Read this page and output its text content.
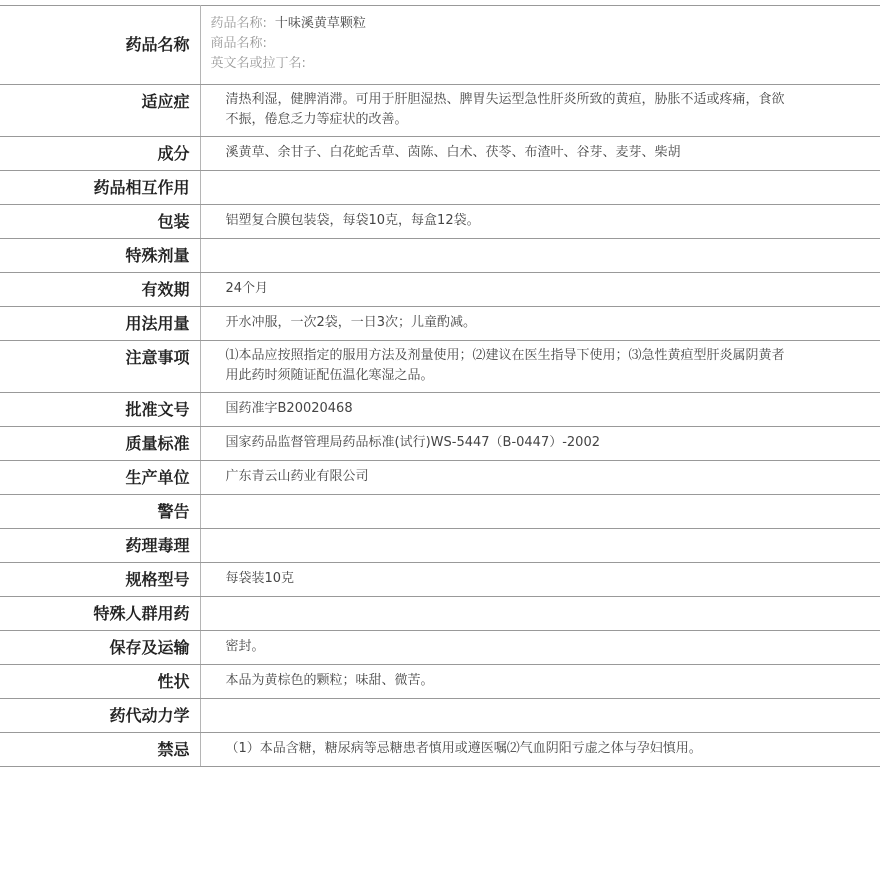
药品名称	药品名称: 十味溪黄草颗粒
商品名称:
英文名或拉丁名:

适应症	清热利湿，健脾消滞。可用于肝胆湿热、脾胃失运型急性肝炎所致的黄疸，胁胀不适或疼痛，食欲不振，倦怠乏力等症状的改善。
成分	溪黄草、余甘子、白花蛇舌草、茵陈、白术、茯苓、布渣叶、谷芽、麦芽、柴胡
药品相互作用	
包装	铝塑复合膜包装袋，每袋10克，每盒12袋。
特殊剂量	
有效期	24个月
用法用量	开水冲服，一次2袋，一日3次；儿童酌减。
注意事项	⑴本品应按照指定的服用方法及剂量使用；⑵建议在医生指导下使用；⑶急性黄疸型肝炎属阴黄者用此药时须随证配伍温化寒湿之品。
批准文号	国药准字B20020468
质量标准	国家药品监督管理局药品标准(试行)WS-5447（B-0447）-2002
生产单位	广东青云山药业有限公司
警告	
药理毒理	
规格型号	每袋装10克
特殊人群用药	
保存及运输	密封。
性状	本品为黄棕色的颗粒；味甜、微苦。
药代动力学	
禁忌	（1）本品含糖，糖尿病等忌糖患者慎用或遵医嘱⑵气血阴阳亏虚之体与孕妇慎用。
